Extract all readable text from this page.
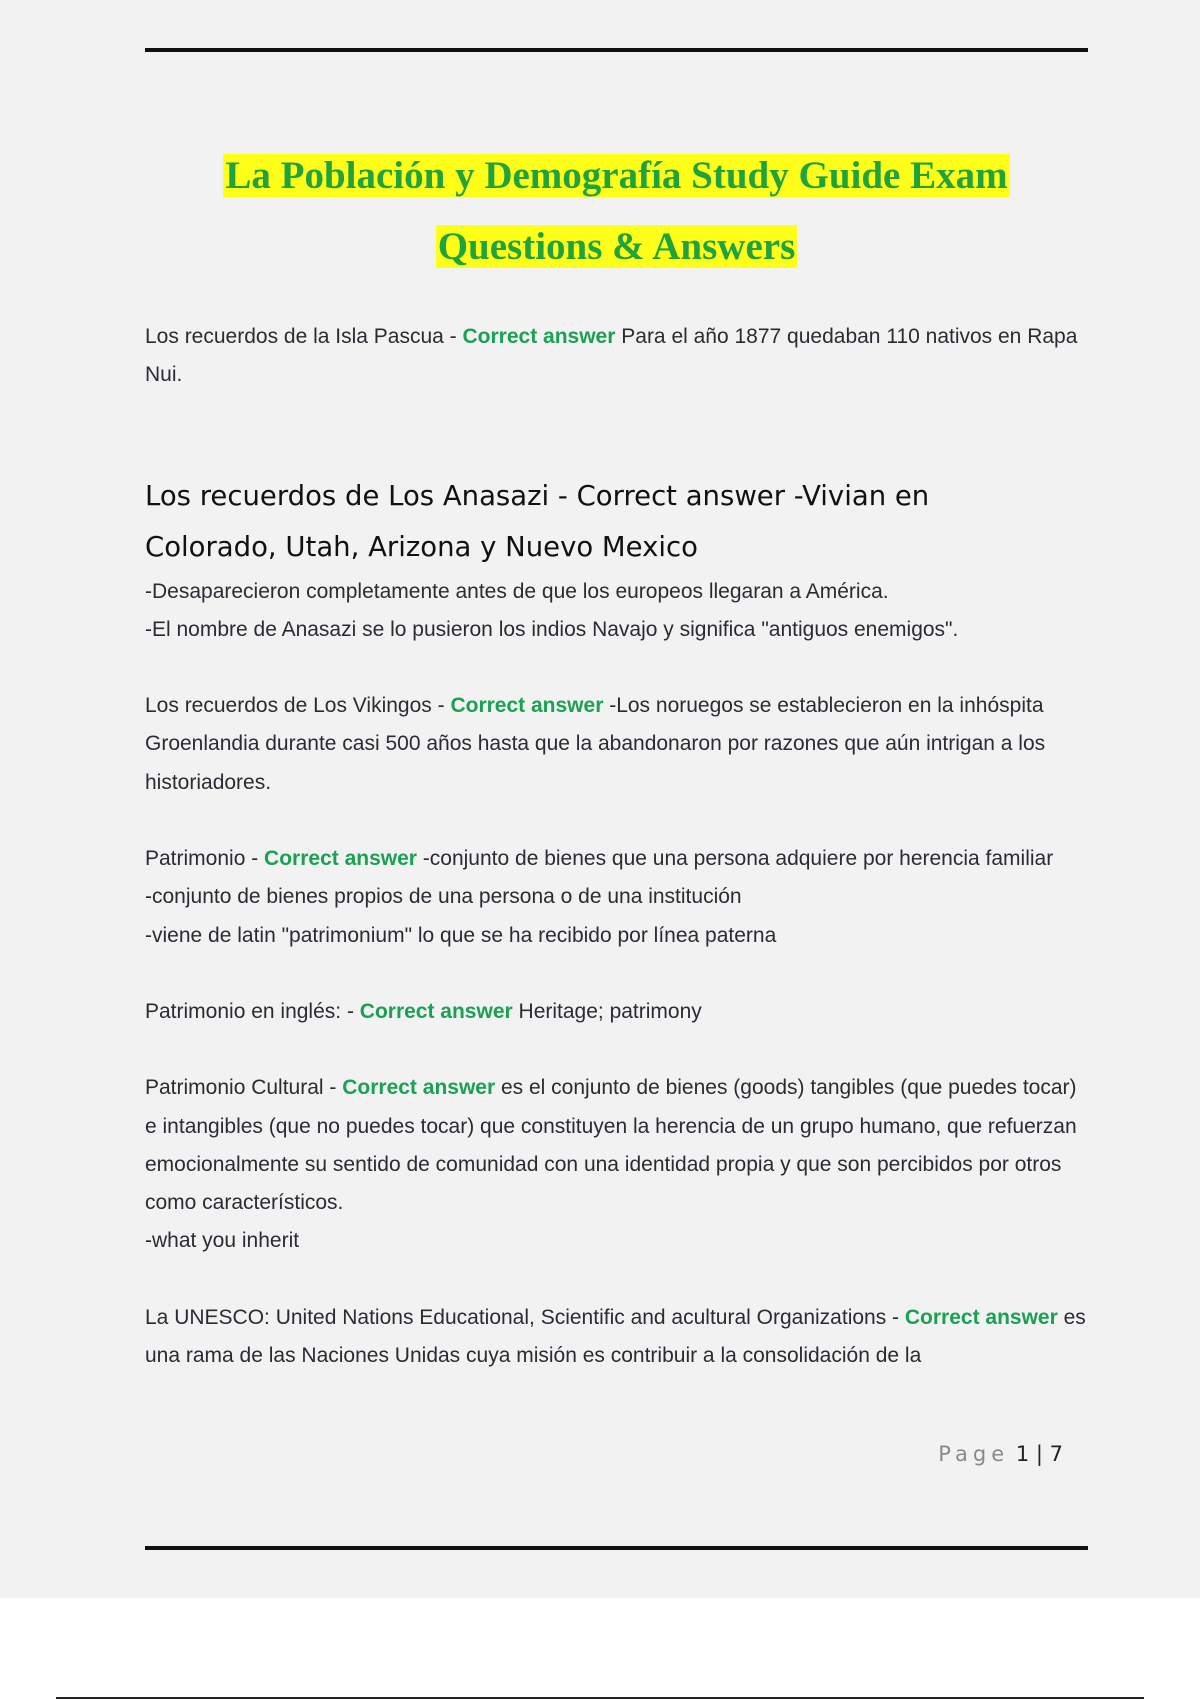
La Población y Demografía Study Guide Exam
Questions & Answers

Los recuerdos de la Isla Pascua - Correct answer Para el año 1877 quedaban 110 nativos en Rapa Nui.

Los recuerdos de Los Anasazi - Correct answer -Vivian en
Colorado, Utah, Arizona y Nuevo Mexico
-Desaparecieron completamente antes de que los europeos llegaran a América.
-El nombre de Anasazi se lo pusieron los indios Navajo y significa "antiguos enemigos".

Los recuerdos de Los Vikingos - Correct answer -Los noruegos se establecieron en la inhóspita Groenlandia durante casi 500 años hasta que la abandonaron por razones que aún intrigan a los historiadores.

Patrimonio - Correct answer -conjunto de bienes que una persona adquiere por herencia familiar
-conjunto de bienes propios de una persona o de una institución
-viene de latin "patrimonium" lo que se ha recibido por línea paterna

Patrimonio en inglés: - Correct answer Heritage; patrimony

Patrimonio Cultural - Correct answer es el conjunto de bienes (goods) tangibles (que puedes tocar) e intangibles (que no puedes tocar) que constituyen la herencia de un grupo humano, que refuerzan emocionalmente su sentido de comunidad con una identidad propia y que son percibidos por otros como característicos.
-what you inherit

La UNESCO: United Nations Educational, Scientific and acultural Organizations - Correct answer es una rama de las Naciones Unidas cuya misión es contribuir a la consolidación de la

Page 1 | 7
